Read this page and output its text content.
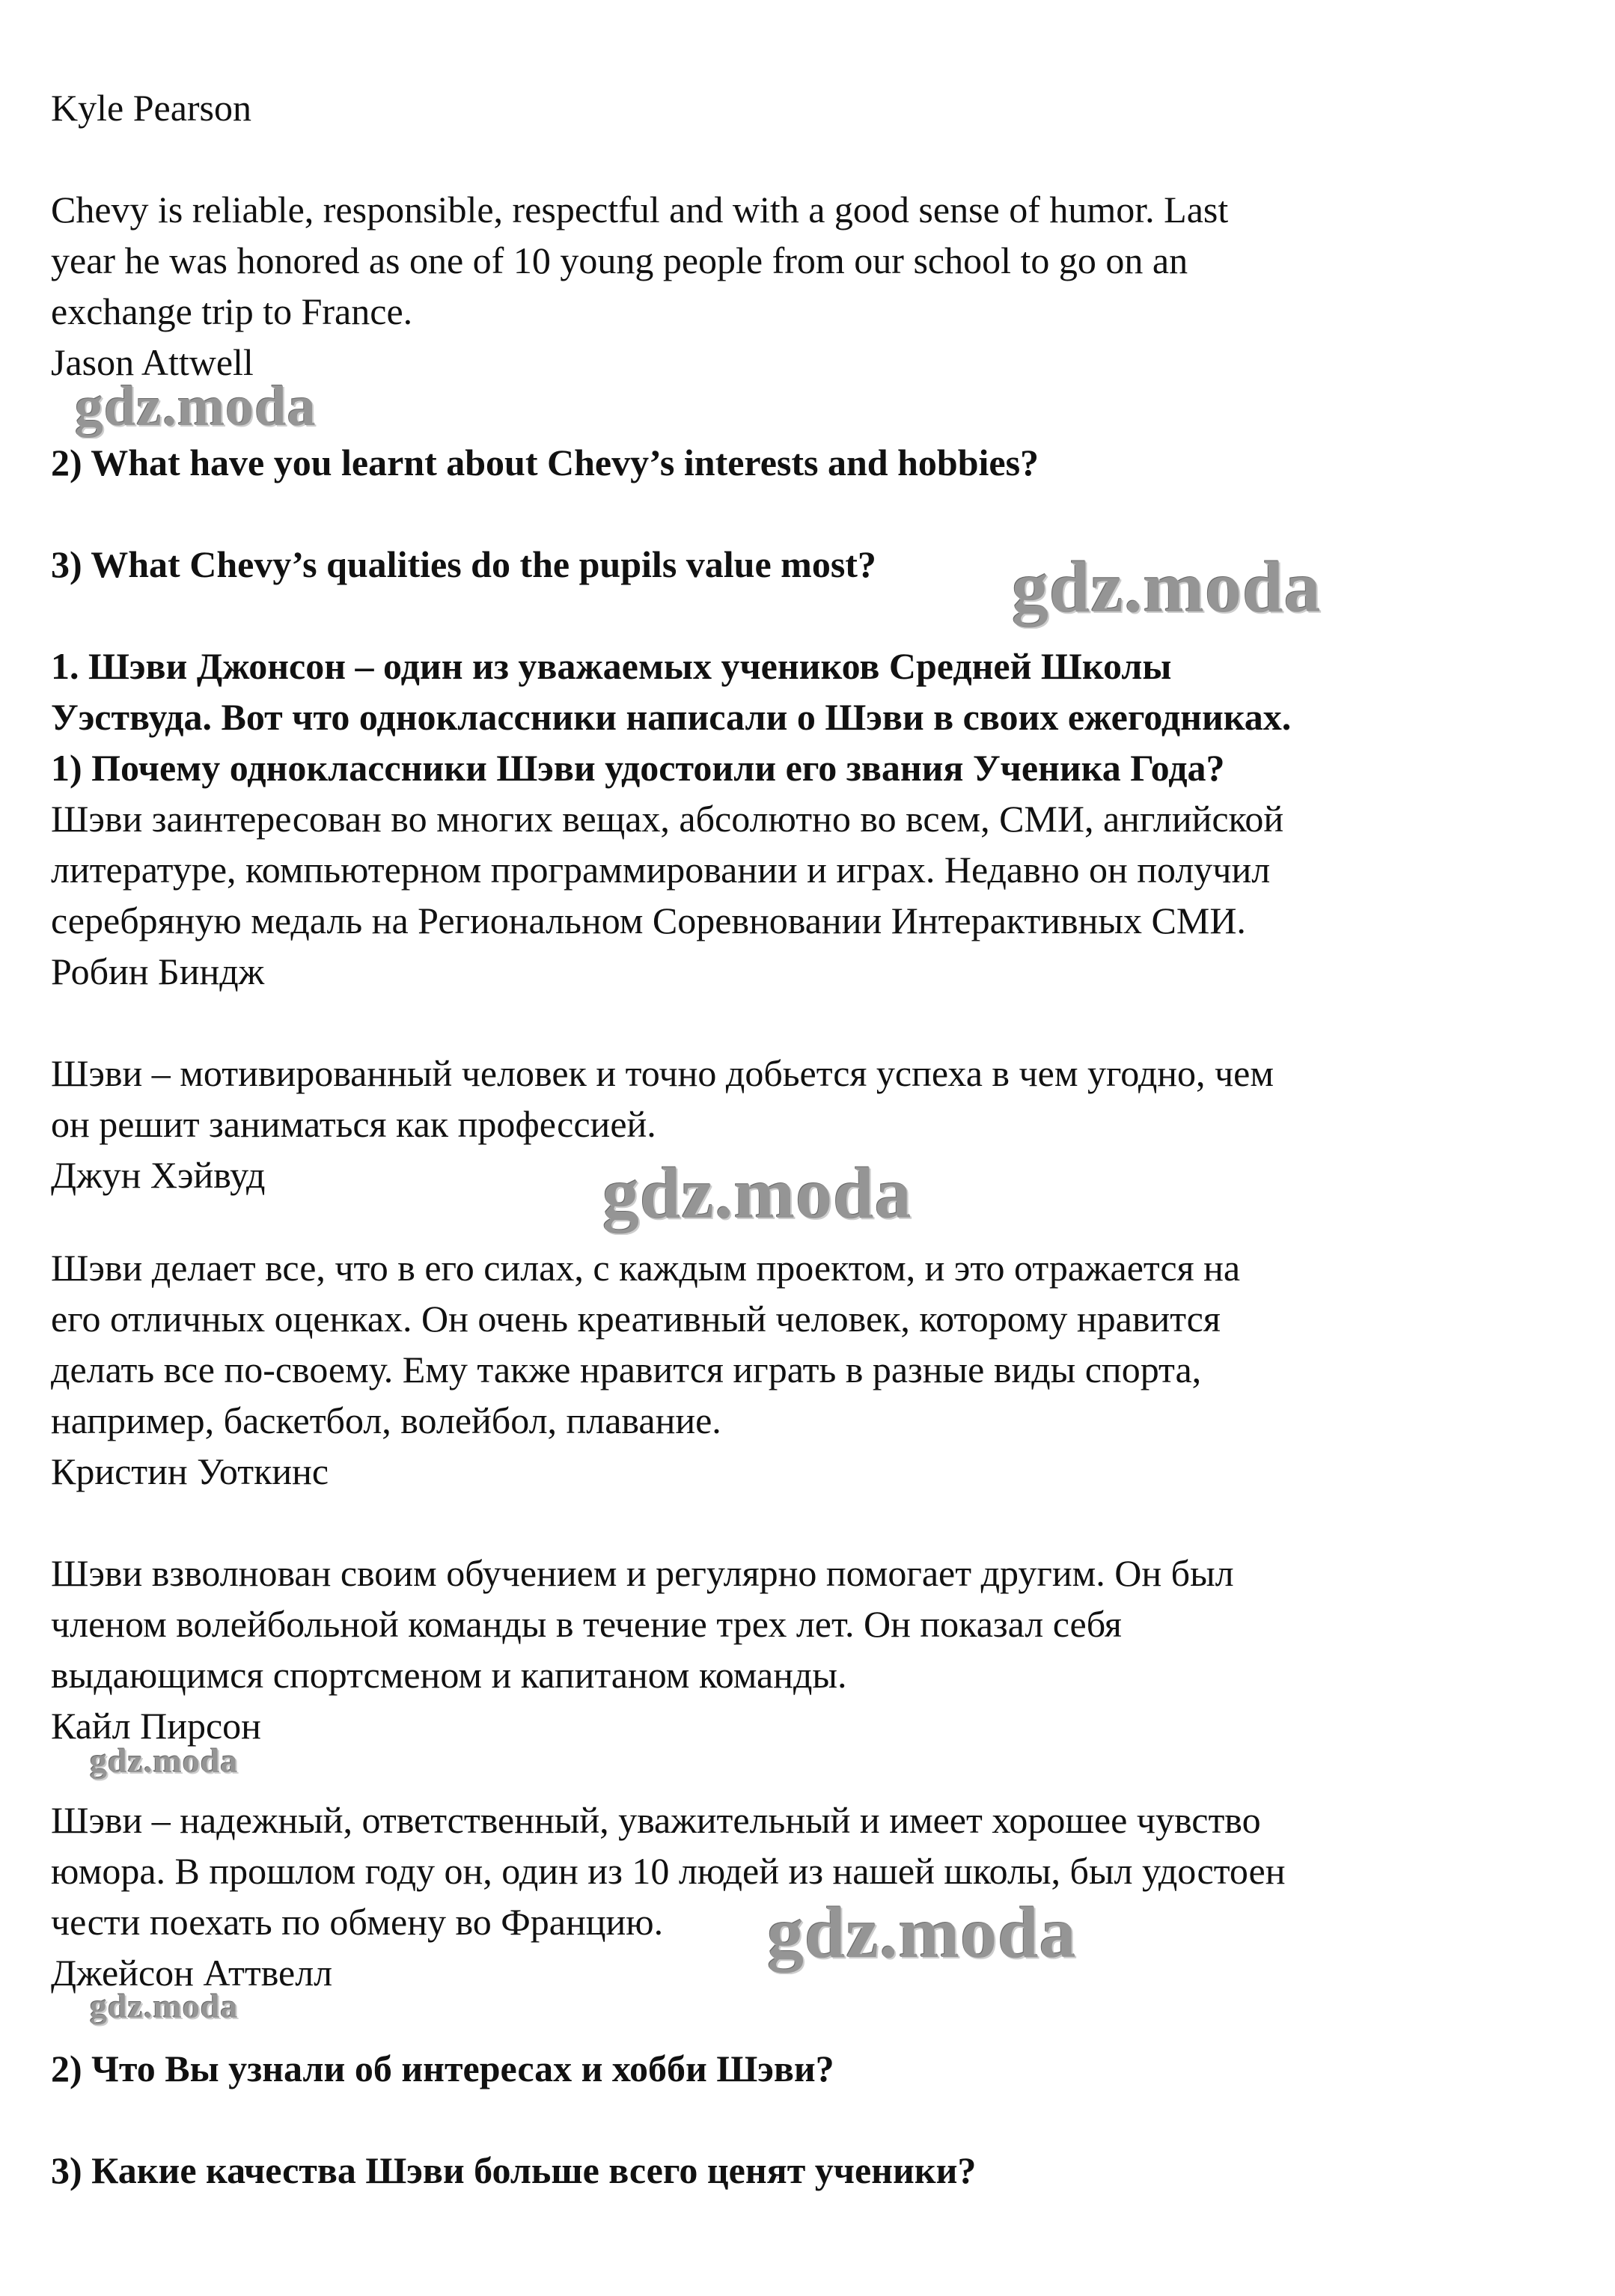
Kyle Pearson

Chevy is reliable, responsible, respectful and with a good sense of humor. Last

year he was honored as one of 10 young people from our school to go on an

exchange trip to France.

Jason Attwell

gdz.moda

2) What have you learnt about Chevy’s interests and hobbies?

3) What Chevy’s qualities do the pupils value most? gdz.moda

1. Шэви Джонсон – один из уважаемых учеников Средней Школы

Уэствуда. Вот что одноклассники написали о Шэви в своих ежегодниках.

1) Почему одноклассники Шэви удостоили его звания Ученика Года?

Шэви заинтересован во многих вещах, абсолютно во всем, СМИ, английской

литературе, компьютерном программировании и играх. Недавно он получил

серебряную медаль на Региональном Соревновании Интерактивных СМИ.

Робин Биндж

Шэви – мотивированный человек и точно добьется успеха в чем угодно, чем

он решит заниматься как профессией.

Джун Хэйвуд	gdz.moda

Шэви делает все, что в его силах, с каждым проектом, и это отражается на

его отличных оценках. Он очень креативный человек, которому нравится

делать все по-своему. Ему также нравится играть в разные виды спорта,

например, баскетбол, волейбол, плавание.

Кристин Уоткинс

Шэви взволнован своим обучением и регулярно помогает другим. Он был

членом волейбольной команды в течение трех лет. Он показал себя

выдающимся спортсменом и капитаном команды.

Кайл Пирсон

gdz.moda

Шэви – надежный, ответственный, уважительный и имеет хорошее чувство

юмора. В прошлом году он, один из 10 людей из нашей школы, был удостоен

чести поехать по обмену во Францию.

Джейсон Аттвелл	gdz.moda
gdz.moda

2) Что Вы узнали об интересах и хобби Шэви?

3) Какие качества Шэви больше всего ценят ученики?
